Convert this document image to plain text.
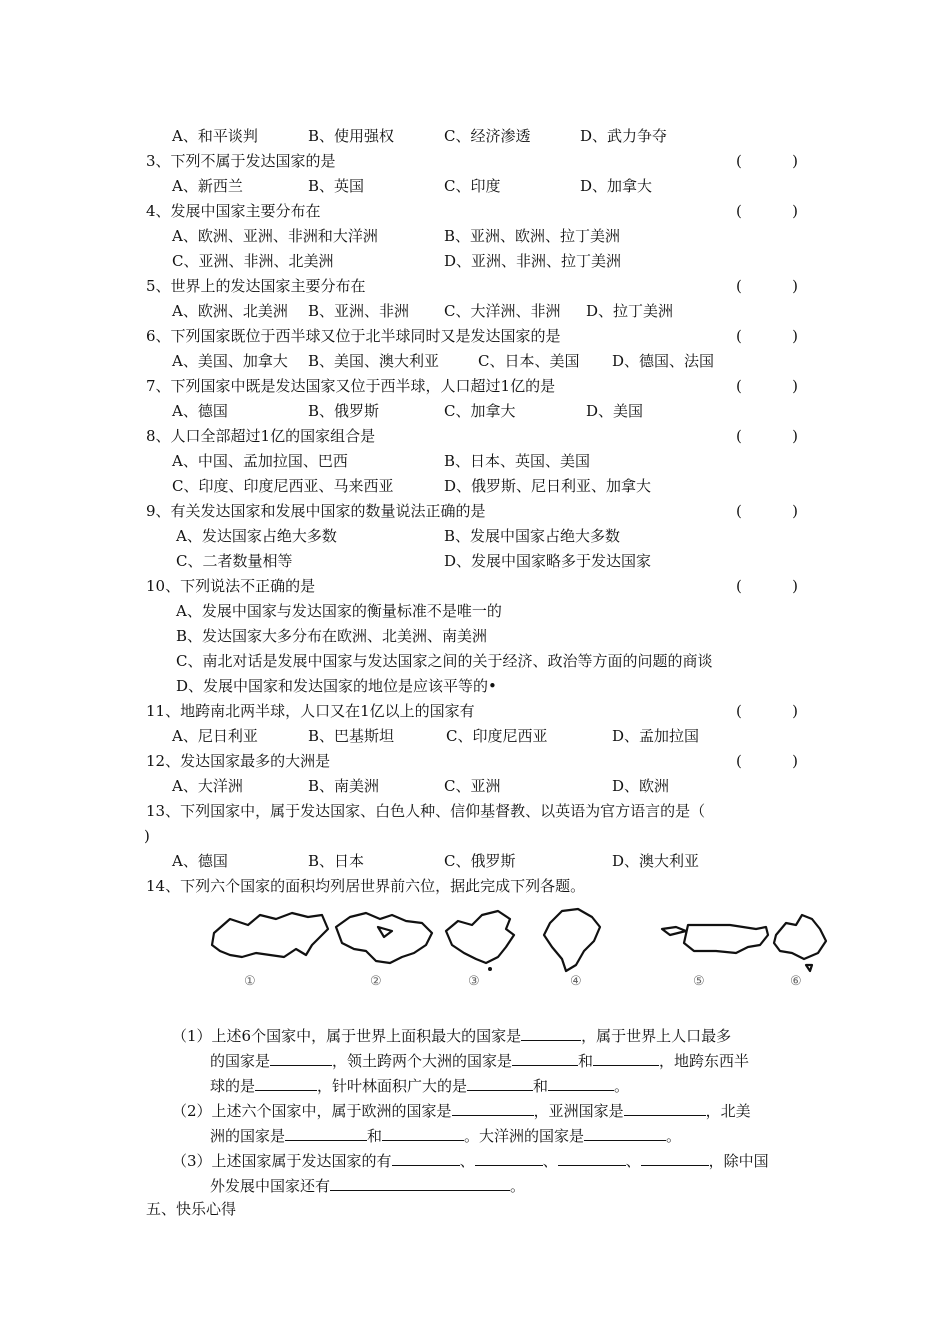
A、和平谈判	B、使用强权	C、经济渗透	D、武力争夺
3、下列不属于发达国家的是	(	)
A、新西兰	B、英国	C、印度	D、加拿大
4、发展中国家主要分布在	(	)
A、欧洲、亚洲、非洲和大洋洲	B、亚洲、欧洲、拉丁美洲
C、亚洲、非洲、北美洲	D、亚洲、非洲、拉丁美洲
5、世界上的发达国家主要分布在	(	)
A、欧洲、北美洲 B、亚洲、非洲 C、大洋洲、非洲 D、拉丁美洲
6、下列国家既位于西半球又位于北半球同时又是发达国家的是	(	)
A、美国、加拿大 B、美国、澳大利亚	C、日本、美国 D、德国、法国
7、下列国家中既是发达国家又位于西半球，人口超过1亿的是	(	)
A、德国	B、俄罗斯	C、加拿大	D、美国
8、人口全部超过1亿的国家组合是	(	)
A、中国、孟加拉国、巴西	B、日本、英国、美国
C、印度、印度尼西亚、马来西亚	D、俄罗斯、尼日利亚、加拿大
9、有关发达国家和发展中国家的数量说法正确的是	(	)
A、发达国家占绝大多数	B、发展中国家占绝大多数
C、二者数量相等	D、发展中国家略多于发达国家
10、下列说法不正确的是	(	)
A、发展中国家与发达国家的衡量标准不是唯一的
B、发达国家大多分布在欧洲、北美洲、南美洲
C、南北对话是发展中国家与发达国家之间的关于经济、政治等方面的问题的商谈
D、发展中国家和发达国家的地位是应该平等的•
11、地跨南北两半球，人口又在1亿以上的国家有	(	)
A、尼日利亚	B、巴基斯坦	C、印度尼西亚	D、孟加拉国
12、发达国家最多的大洲是	(	)
A、大洋洲	B、南美洲	C、亚洲	D、欧洲
13、下列国家中，属于发达国家、白色人种、信仰基督教、以英语为官方语言的是（
)
A、德国	B、日本	C、俄罗斯	D、澳大利亚
14、下列六个国家的面积均列居世界前六位，据此完成下列各题。
①	②	③	④	⑤	⑥
（1）上述6个国家中，属于世界上面积最大的国家是	，属于世界上人口最多
的国家是	，领土跨两个大洲的国家是	和	，地跨东西半
球的是	，针叶林面积广大的是	和	。
（2）上述六个国家中，属于欧洲的国家是	，亚洲国家是	，北美
洲的国家是	和	。大洋洲的国家是	。
（3）上述国家属于发达国家的有	、	、	、	，除中国
外发展中国家还有	。
五、快乐心得
